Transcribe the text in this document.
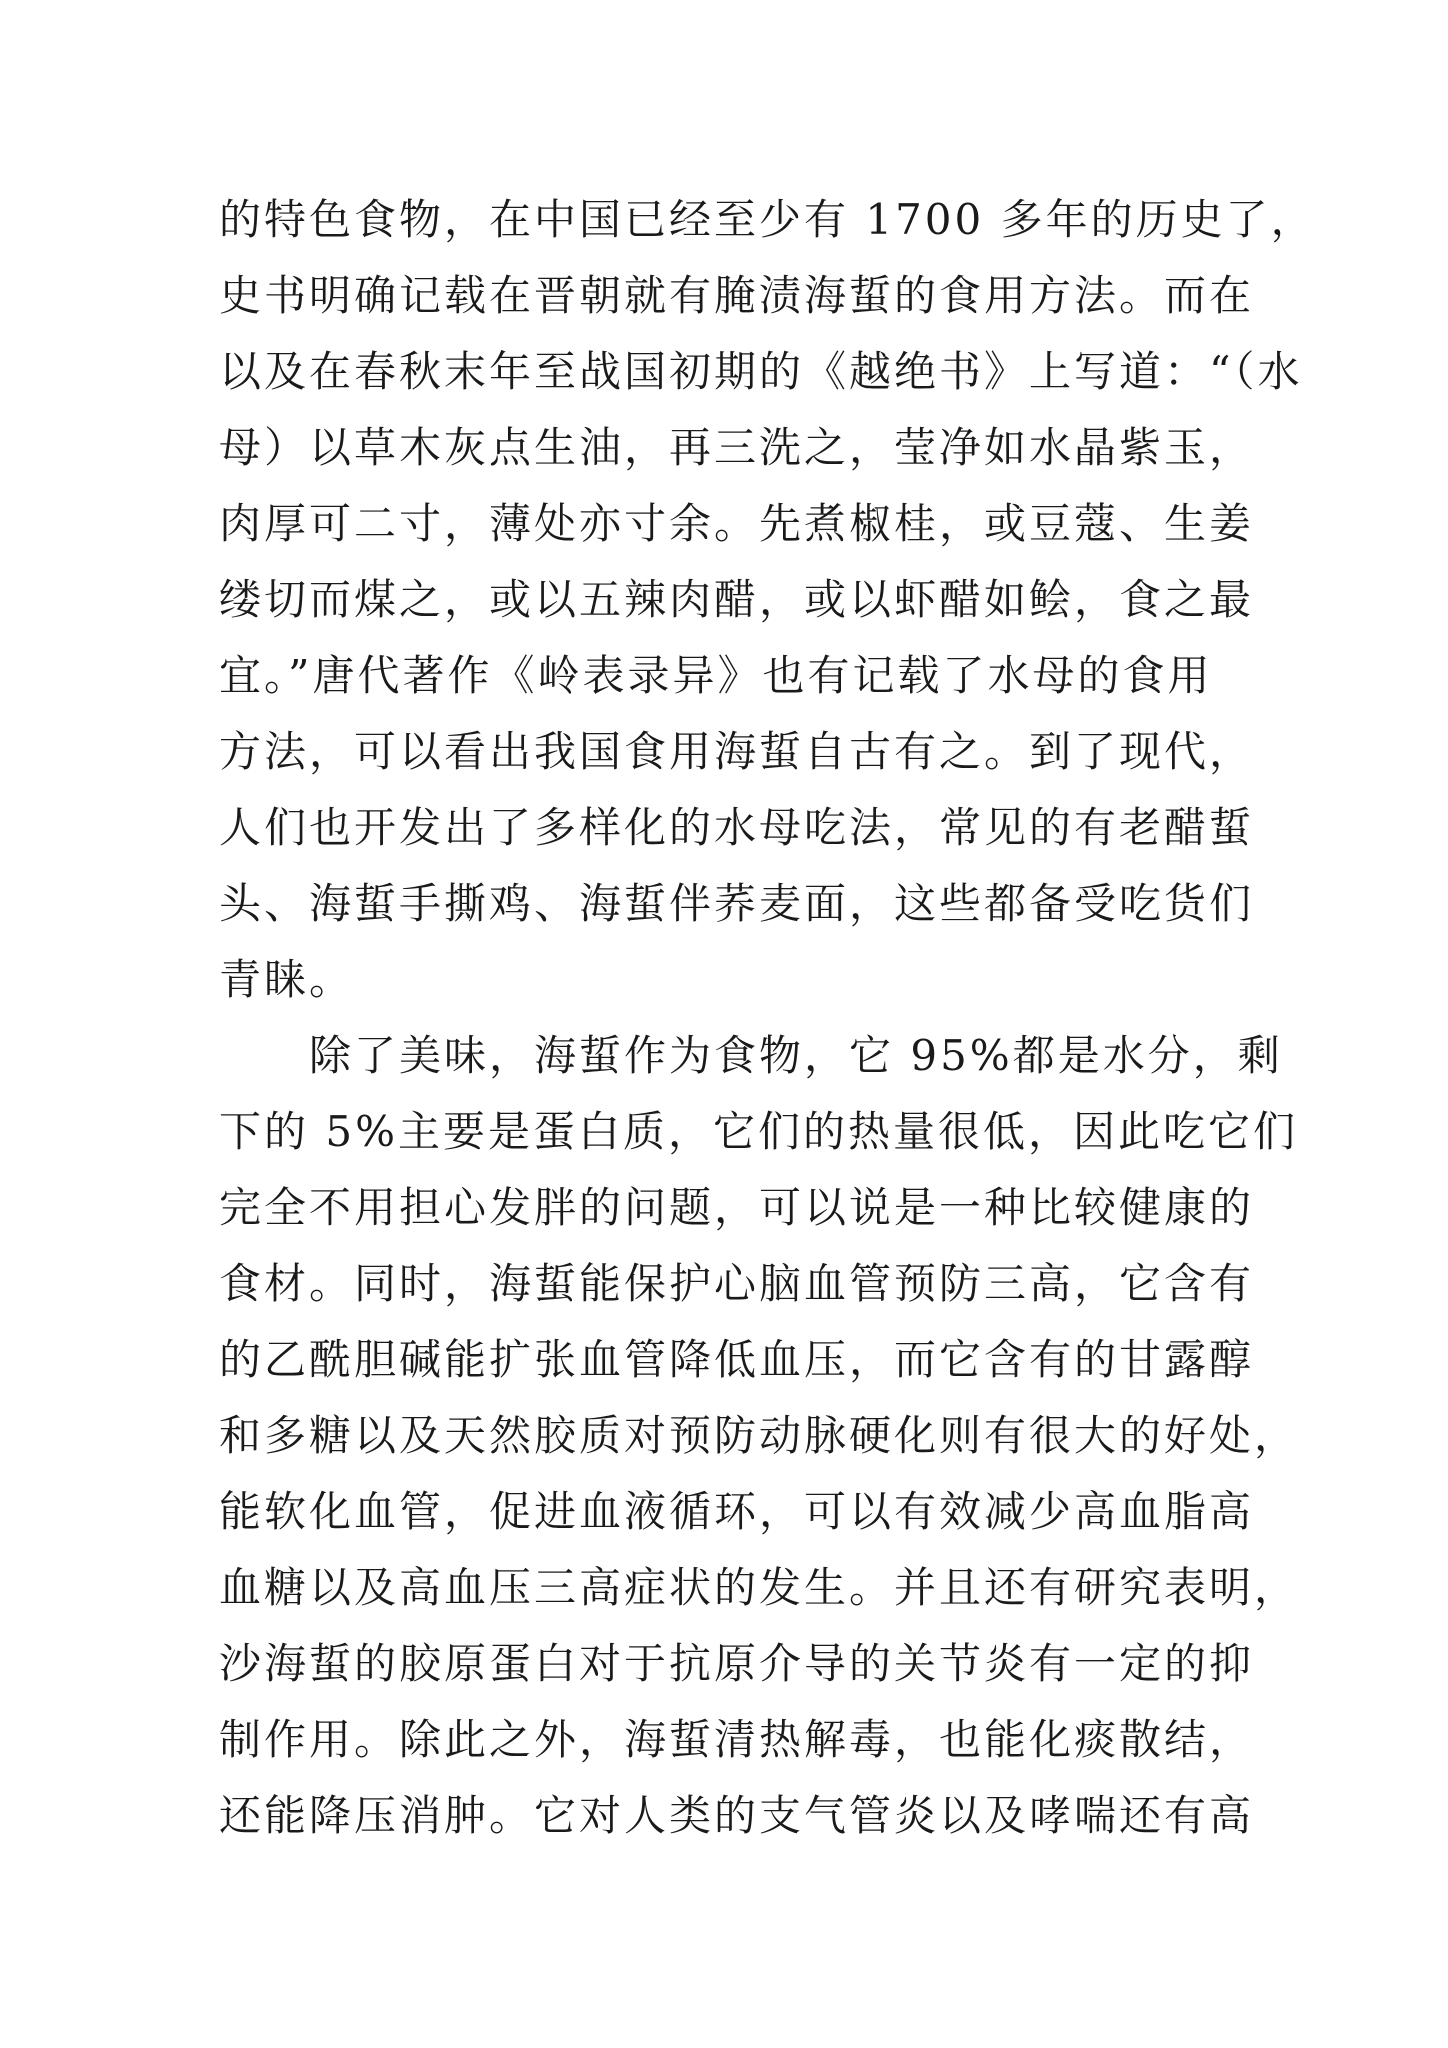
的特色食物，在中国已经至少有 1700 多年的历史了，
史书明确记载在晋朝就有腌渍海蜇的食用方法。而在
以及在春秋末年至战国初期的《越绝书》上写道：“（水
母）以草木灰点生油，再三洗之，莹净如水晶紫玉，
肉厚可二寸，薄处亦寸余。先煮椒桂，或豆蔻、生姜
缕切而煤之，或以五辣肉醋，或以虾醋如鲙，食之最
宜。”唐代著作《岭表录异》也有记载了水母的食用
方法，可以看出我国食用海蜇自古有之。到了现代，
人们也开发出了多样化的水母吃法，常见的有老醋蜇
头、海蜇手撕鸡、海蜇伴荞麦面，这些都备受吃货们
青睐。
除了美味，海蜇作为食物，它 95%都是水分，剩
下的 5%主要是蛋白质，它们的热量很低，因此吃它们
完全不用担心发胖的问题，可以说是一种比较健康的
食材。同时，海蜇能保护心脑血管预防三高，它含有
的乙酰胆碱能扩张血管降低血压，而它含有的甘露醇
和多糖以及天然胶质对预防动脉硬化则有很大的好处，
能软化血管，促进血液循环，可以有效减少高血脂高
血糖以及高血压三高症状的发生。并且还有研究表明，
沙海蜇的胶原蛋白对于抗原介导的关节炎有一定的抑
制作用。除此之外，海蜇清热解毒，也能化痰散结，
还能降压消肿。它对人类的支气管炎以及哮喘还有高
